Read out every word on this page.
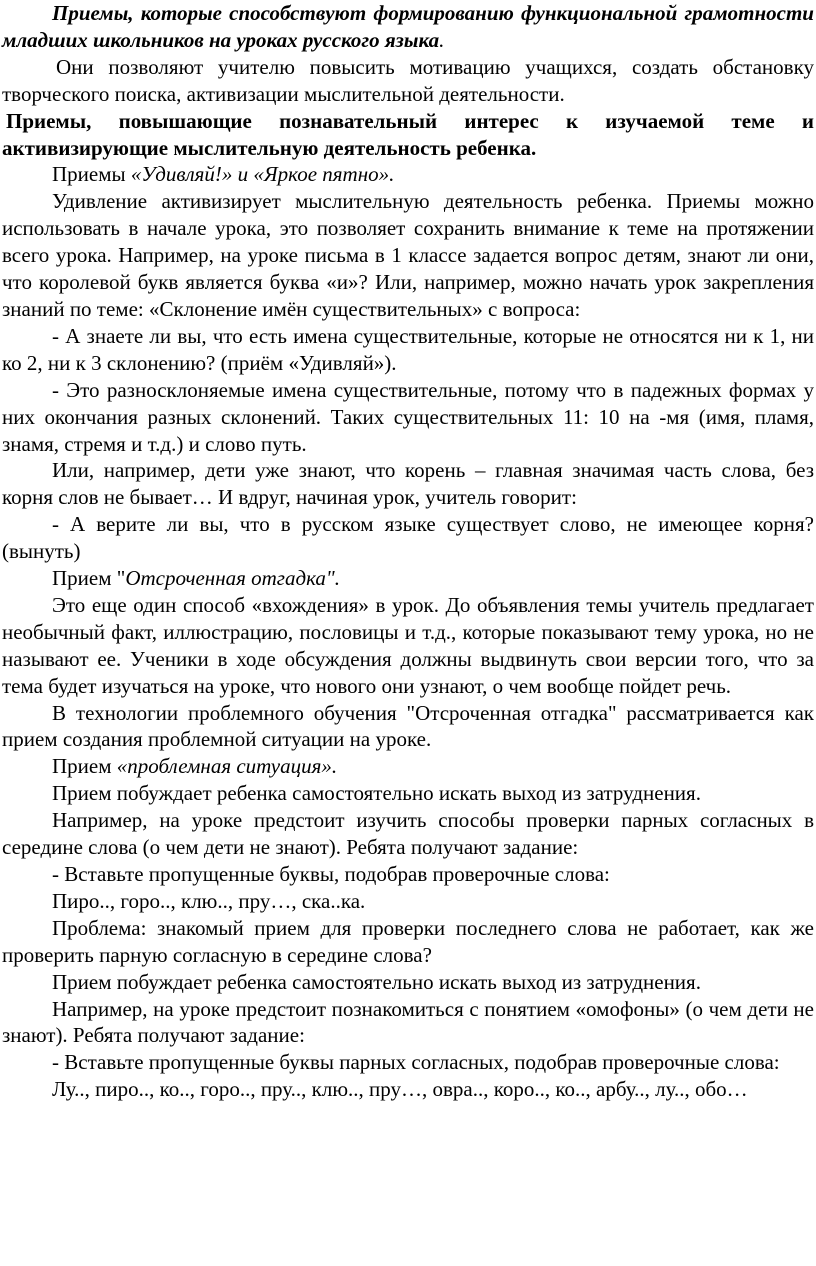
Приемы, которые способствуют формированию функциональной грамотности младших школьников на уроках русского языка.

Они позволяют учителю повысить мотивацию учащихся, создать обстановку творческого поиска, активизации мыслительной деятельности.

Приемы, повышающие познавательный интерес к изучаемой теме и активизирующие мыслительную деятельность ребенка.

Приемы «Удивляй!» и «Яркое пятно».

Удивление активизирует мыслительную деятельность ребенка. Приемы можно использовать в начале урока, это позволяет сохранить внимание к теме на протяжении всего урока. Например, на уроке письма в 1 классе задается вопрос детям, знают ли они, что королевой букв является буква «и»? Или, например, можно начать урок закрепления знаний по теме: «Склонение имён существительных» с вопроса:

- А знаете ли вы, что есть имена существительные, которые не относятся ни к 1, ни ко 2, ни к 3 склонению? (приём «Удивляй»).

- Это разносклоняемые имена существительные, потому что в падежных формах у них окончания разных склонений. Таких существительных 11: 10 на -мя (имя, пламя, знамя, стремя и т.д.) и слово путь.

Или, например, дети уже знают, что корень – главная значимая часть слова, без корня слов не бывает… И вдруг, начиная урок, учитель говорит:

- А верите ли вы, что в русском языке существует слово, не имеющее корня? (вынуть)

Прием "Отсроченная отгадка".

Это еще один способ «вхождения» в урок. До объявления темы учитель предлагает необычный факт, иллюстрацию, пословицы и т.д., которые показывают тему урока, но не называют ее. Ученики в ходе обсуждения должны выдвинуть свои версии того, что за тема будет изучаться на уроке, что нового они узнают, о чем вообще пойдет речь.

В технологии проблемного обучения "Отсроченная отгадка" рассматривается как прием создания проблемной ситуации на уроке.

Прием «проблемная ситуация».

Прием побуждает ребенка самостоятельно искать выход из затруднения.

Например, на уроке предстоит изучить способы проверки парных согласных в середине слова (о чем дети не знают). Ребята получают задание:

- Вставьте пропущенные буквы, подобрав проверочные слова:

Пиро.., горо.., клю.., пру…, ска..ка.

Проблема: знакомый прием для проверки последнего слова не работает, как же проверить парную согласную в середине слова?

Прием побуждает ребенка самостоятельно искать выход из затруднения.

Например, на уроке предстоит познакомиться с понятием «омофоны» (о чем дети не знают). Ребята получают задание:

- Вставьте пропущенные буквы парных согласных, подобрав проверочные слова:

Лу.., пиро.., ко.., горо.., пру.., клю.., пру…, овра.., коро.., ко.., арбу.., лу.., обо…
